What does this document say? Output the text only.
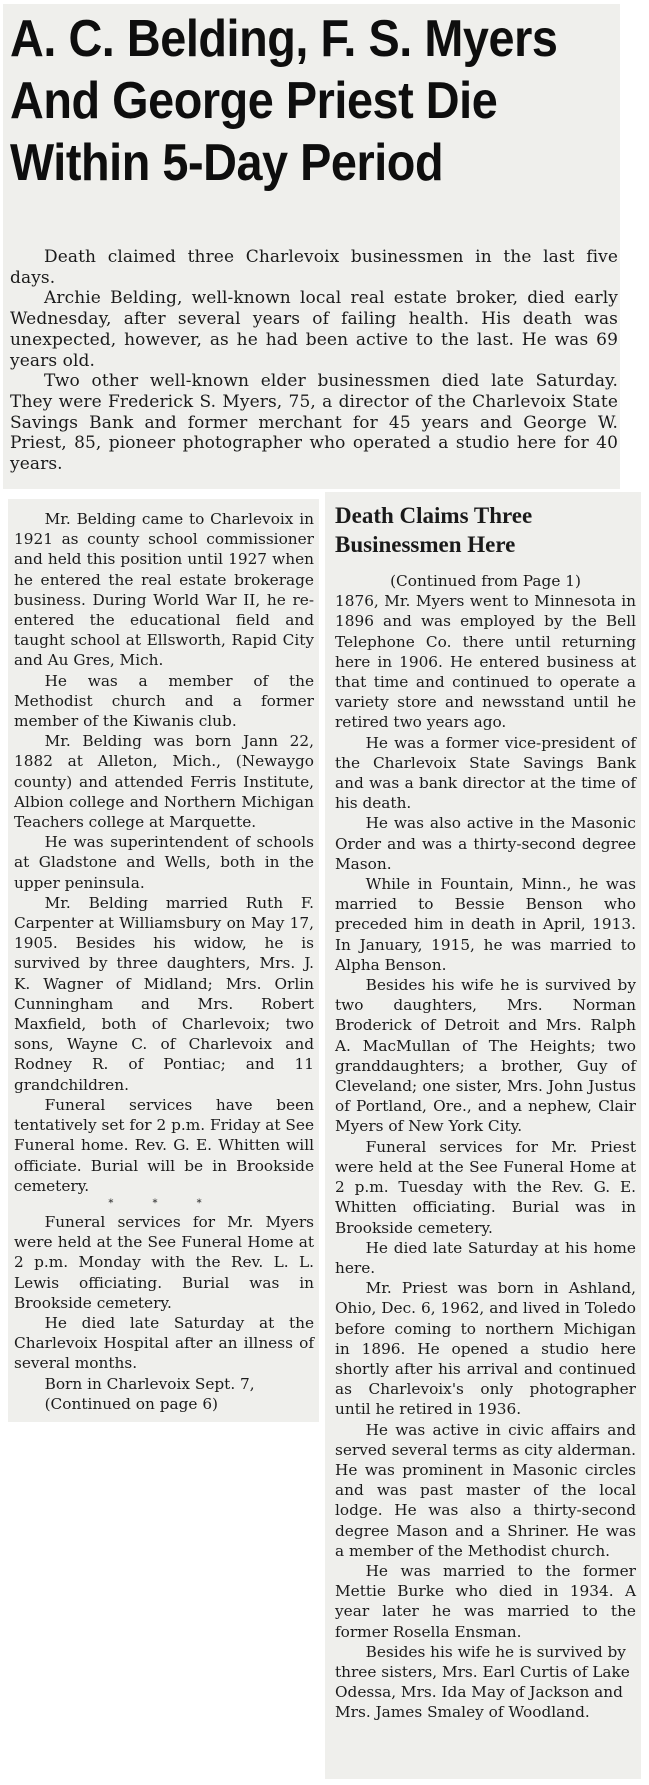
A. C. Belding, F. S. Myers
And George Priest Die
Within 5-Day Period

Death claimed three Charlevoix businessmen in the last five days.

Archie Belding, well-known local real estate broker, died early Wednesday, after several years of failing health. His death was unexpected, however, as he had been active to the last. He was 69 years old.

Two other well-known elder businessmen died late Saturday. They were Frederick S. Myers, 75, a director of the Charlevoix State Savings Bank and former merchant for 45 years and George W. Priest, 85, pioneer photographer who operated a studio here for 40 years.

Mr. Belding came to Charlevoix in 1921 as county school commissioner and held this position until 1927 when he entered the real estate brokerage business. During World War II, he re-entered the educational field and taught school at Ellsworth, Rapid City and Au Gres, Mich.

He was a member of the Methodist church and a former member of the Kiwanis club.

Mr. Belding was born Jann 22, 1882 at Alleton, Mich., (Newaygo county) and attended Ferris Institute, Albion college and Northern Michigan Teachers college at Marquette.

He was superintendent of schools at Gladstone and Wells, both in the upper peninsula.

Mr. Belding married Ruth F. Carpenter at Williamsbury on May 17, 1905. Besides his widow, he is survived by three daughters, Mrs. J. K. Wagner of Midland; Mrs. Orlin Cunningham and Mrs. Robert Maxfield, both of Charlevoix; two sons, Wayne C. of Charlevoix and Rodney R. of Pontiac; and 11 grandchildren.

Funeral services have been tentatively set for 2 p.m. Friday at See Funeral home. Rev. G. E. Whitten will officiate. Burial will be in Brookside cemetery.

* * *

Funeral services for Mr. Myers were held at the See Funeral Home at 2 p.m. Monday with the Rev. L. L. Lewis officiating. Burial was in Brookside cemetery.

He died late Saturday at the Charlevoix Hospital after an illness of several months.

Born in Charlevoix Sept. 7,

(Continued on page 6)

Death Claims Three
Businessmen Here

(Continued from Page 1)

1876, Mr. Myers went to Minnesota in 1896 and was employed by the Bell Telephone Co. there until returning here in 1906. He entered business at that time and continued to operate a variety store and newsstand until he retired two years ago.

He was a former vice-president of the Charlevoix State Savings Bank and was a bank director at the time of his death.

He was also active in the Masonic Order and was a thirty-second degree Mason.

While in Fountain, Minn., he was married to Bessie Benson who preceded him in death in April, 1913. In January, 1915, he was married to Alpha Benson.

Besides his wife he is survived by two daughters, Mrs. Norman Broderick of Detroit and Mrs. Ralph A. MacMullan of The Heights; two granddaughters; a brother, Guy of Cleveland; one sister, Mrs. John Justus of Portland, Ore., and a nephew, Clair Myers of New York City.

Funeral services for Mr. Priest were held at the See Funeral Home at 2 p.m. Tuesday with the Rev. G. E. Whitten officiating. Burial was in Brookside cemetery.

He died late Saturday at his home here.

Mr. Priest was born in Ashland, Ohio, Dec. 6, 1962, and lived in Toledo before coming to northern Michigan in 1896. He opened a studio here shortly after his arrival and continued as Charlevoix's only photographer until he retired in 1936.

He was active in civic affairs and served several terms as city alderman. He was prominent in Masonic circles and was past master of the local lodge. He was also a thirty-second degree Mason and a Shriner. He was a member of the Methodist church.

He was married to the former Mettie Burke who died in 1934. A year later he was married to the former Rosella Ensman.

Besides his wife he is survived by three sisters, Mrs. Earl Curtis of Lake Odessa, Mrs. Ida May of Jackson and Mrs. James Smaley of Woodland.
